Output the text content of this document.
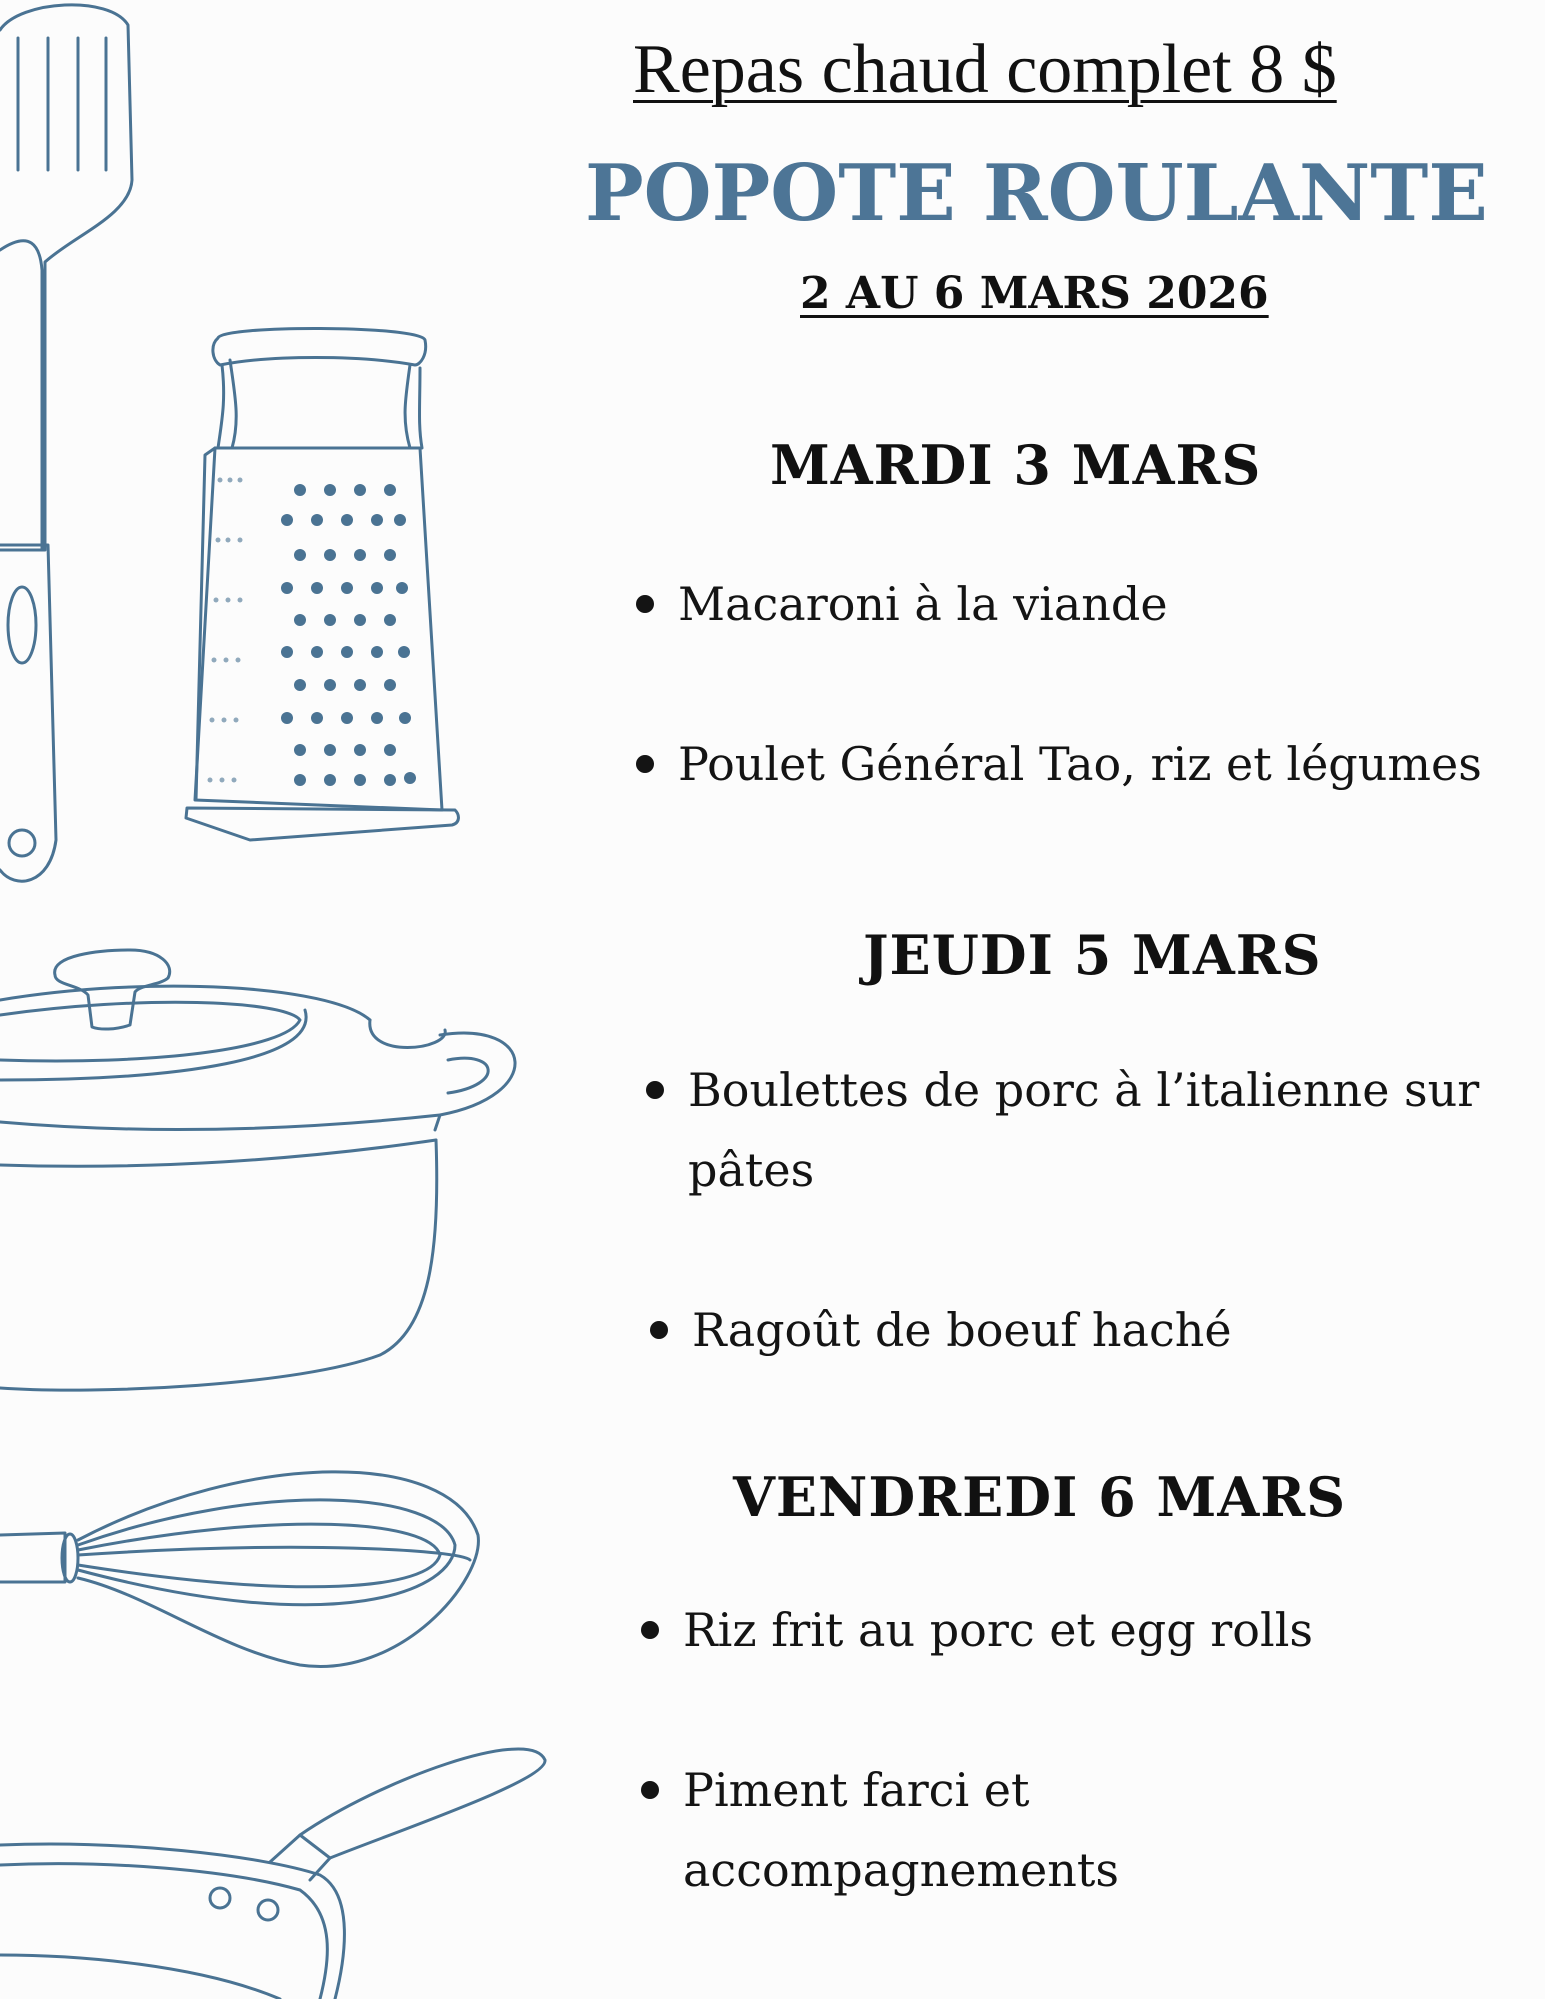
Repas chaud complet 8 $
POPOTE ROULANTE
2 AU 6 MARS 2026
MARDI 3 MARS
Macaroni à la viande
Poulet Général Tao, riz et légumes
JEUDI 5 MARS
Boulettes de porc à l’italienne sur pâtes
Ragoût de boeuf haché
VENDREDI 6 MARS
Riz frit au porc et egg rolls
Piment farci et accompagnements
